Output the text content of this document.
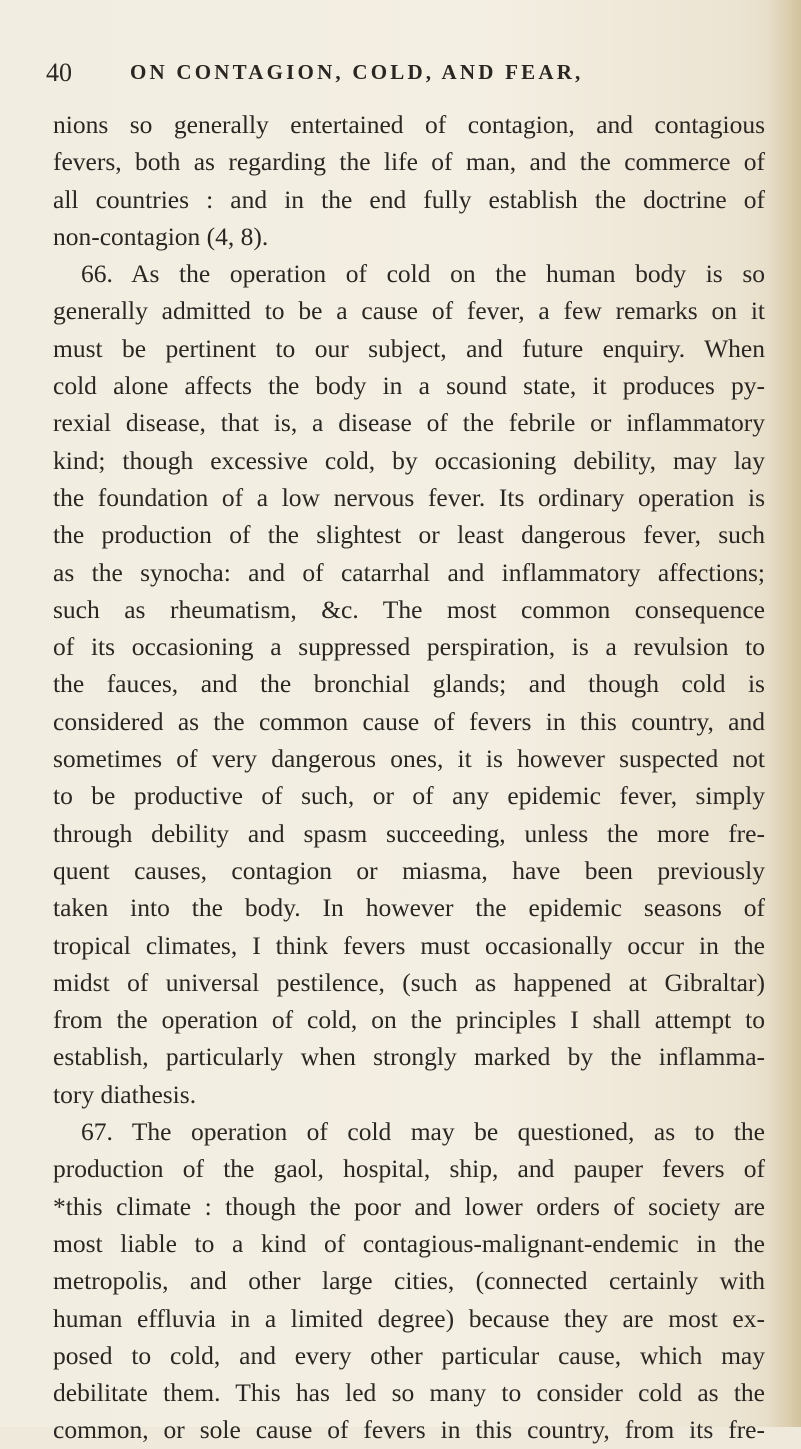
40	ON CONTAGION, COLD, AND FEAR,
nions so generally entertained of contagion, and contagious
fevers, both as regarding the life of man, and the commerce of
all countries : and in the end fully establish the doctrine of
non-contagion (4, 8).
66. As the operation of cold on the human body is so
generally admitted to be a cause of fever, a few remarks on it
must be pertinent to our subject, and future enquiry. When
cold alone affects the body in a sound state, it produces py-
rexial disease, that is, a disease of the febrile or inflammatory
kind; though excessive cold, by occasioning debility, may lay
the foundation of a low nervous fever. Its ordinary operation is
the production of the slightest or least dangerous fever, such
as the synocha: and of catarrhal and inflammatory affections;
such as rheumatism, &c. The most common consequence
of its occasioning a suppressed perspiration, is a revulsion to
the fauces, and the bronchial glands; and though cold is
considered as the common cause of fevers in this country, and
sometimes of very dangerous ones, it is however suspected not
to be productive of such, or of any epidemic fever, simply
through debility and spasm succeeding, unless the more fre-
quent causes, contagion or miasma, have been previously
taken into the body. In however the epidemic seasons of
tropical climates, I think fevers must occasionally occur in the
midst of universal pestilence, (such as happened at Gibraltar)
from the operation of cold, on the principles I shall attempt to
establish, particularly when strongly marked by the inflamma-
tory diathesis.
67. The operation of cold may be questioned, as to the
production of the gaol, hospital, ship, and pauper fevers of
*this climate : though the poor and lower orders of society are
most liable to a kind of contagious-malignant-endemic in the
metropolis, and other large cities, (connected certainly with
human effluvia in a limited degree) because they are most ex-
posed to cold, and every other particular cause, which may
debilitate them. This has led so many to consider cold as the
common, or sole cause of fevers in this country, from its fre-
